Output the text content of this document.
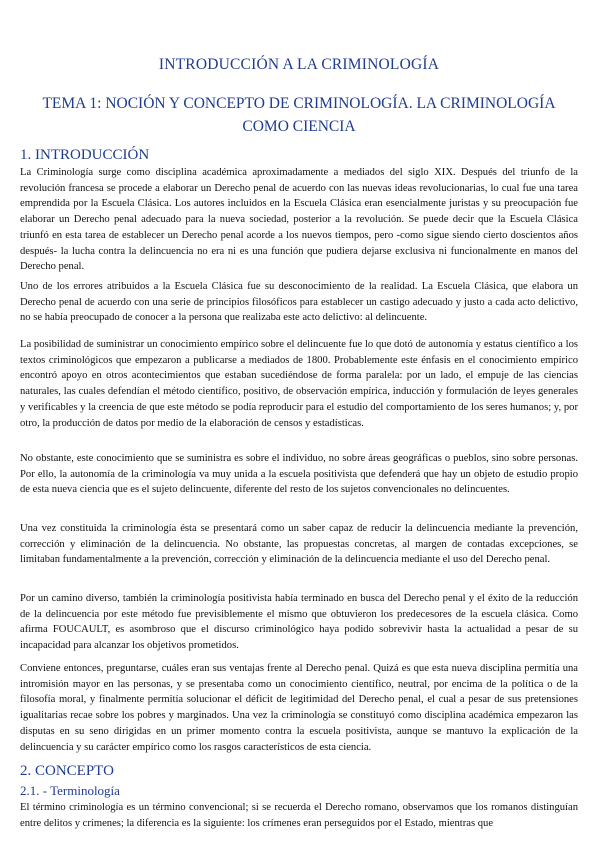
INTRODUCCIÓN A LA CRIMINOLOGÍA
TEMA 1: NOCIÓN Y CONCEPTO DE CRIMINOLOGÍA. LA CRIMINOLOGÍA COMO CIENCIA
1. INTRODUCCIÓN

La Criminología surge como disciplina académica aproximadamente a mediados del siglo XIX. Después del triunfo de la revolución francesa se procede a elaborar un Derecho penal de acuerdo con las nuevas ideas revolucionarias, lo cual fue una tarea emprendida por la Escuela Clásica. Los autores incluidos en la Escuela Clásica eran esencialmente juristas y su preocupación fue elaborar un Derecho penal adecuado para la nueva sociedad, posterior a la revolución. Se puede decir que la Escuela Clásica triunfó en esta tarea de establecer un Derecho penal acorde a los nuevos tiempos, pero -como sigue siendo cierto doscientos años después- la lucha contra la delincuencia no era ni es una función que pudiera dejarse exclusiva ni funcionalmente en manos del Derecho penal.

Uno de los errores atribuidos a la Escuela Clásica fue su desconocimiento de la realidad. La Escuela Clásica, que elabora un Derecho penal de acuerdo con una serie de principios filosóficos para establecer un castigo adecuado y justo a cada acto delictivo, no se había preocupado de conocer a la persona que realizaba este acto delictivo: al delincuente.

La posibilidad de suministrar un conocimiento empírico sobre el delincuente fue lo que dotó de autonomía y estatus científico a los textos criminológicos que empezaron a publicarse a mediados de 1800. Probablemente este énfasis en el conocimiento empírico encontró apoyo en otros acontecimientos que estaban sucediéndose de forma paralela: por un lado, el empuje de las ciencias naturales, las cuales defendían el método científico, positivo, de observación empírica, inducción y formulación de leyes generales y verificables y la creencia de que este método se podía reproducir para el estudio del comportamiento de los seres humanos; y, por otro, la producción de datos por medio de la elaboración de censos y estadísticas.

No obstante, este conocimiento que se suministra es sobre el individuo, no sobre áreas geográficas o pueblos, sino sobre personas. Por ello, la autonomía de la criminología va muy unida a la escuela positivista que defenderá que hay un objeto de estudio propio de esta nueva ciencia que es el sujeto delincuente, diferente del resto de los sujetos convencionales no delincuentes.

Una vez constituida la criminología ésta se presentará como un saber capaz de reducir la delincuencia mediante la prevención, corrección y eliminación de la delincuencia. No obstante, las propuestas concretas, al margen de contadas excepciones, se limitaban fundamentalmente a la prevención, corrección y eliminación de la delincuencia mediante el uso del Derecho penal.

Por un camino diverso, también la criminología positivista había terminado en busca del Derecho penal y el éxito de la reducción de la delincuencia por este método fue previsiblemente el mismo que obtuvieron los predecesores de la escuela clásica. Como afirma FOUCAULT, es asombroso que el discurso criminológico haya podido sobrevivir hasta la actualidad a pesar de su incapacidad para alcanzar los objetivos prometidos.

Conviene entonces, preguntarse, cuáles eran sus ventajas frente al Derecho penal. Quizá es que esta nueva disciplina permitía una intromisión mayor en las personas, y se presentaba como un conocimiento científico, neutral, por encima de la política o de la filosofía moral, y finalmente permitía solucionar el déficit de legitimidad del Derecho penal, el cual a pesar de sus pretensiones igualitarias recae sobre los pobres y marginados. Una vez la criminología se constituyó como disciplina académica empezaron las disputas en su seno dirigidas en un primer momento contra la escuela positivista, aunque se mantuvo la explicación de la delincuencia y su carácter empírico como los rasgos característicos de esta ciencia.

2. CONCEPTO
2.1. - Terminología

El término criminología es un término convencional; si se recuerda el Derecho romano, observamos que los romanos distinguían entre delitos y crímenes; la diferencia es la siguiente: los crímenes eran perseguidos por el Estado, mientras que
